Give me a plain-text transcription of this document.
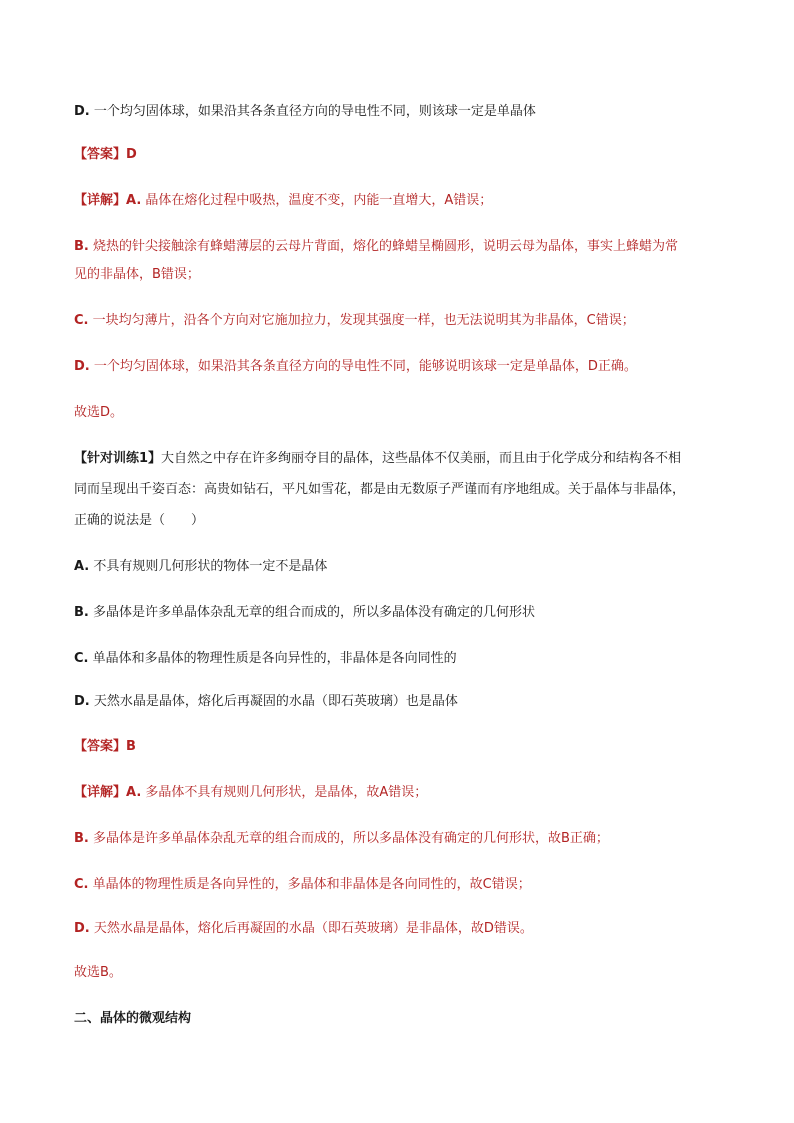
D. 一个均匀固体球，如果沿其各条直径方向的导电性不同，则该球一定是单晶体
【答案】D
【详解】A. 晶体在熔化过程中吸热，温度不变，内能一直增大，A错误；
B. 烧热的针尖接触涂有蜂蜡薄层的云母片背面，熔化的蜂蜡呈椭圆形，说明云母为晶体，事实上蜂蜡为常
见的非晶体，B错误；
C. 一块均匀薄片，沿各个方向对它施加拉力，发现其强度一样，也无法说明其为非晶体，C错误；
D. 一个均匀固体球，如果沿其各条直径方向的导电性不同，能够说明该球一定是单晶体，D正确。
故选D。
【针对训练1】大自然之中存在许多绚丽夺目的晶体，这些晶体不仅美丽，而且由于化学成分和结构各不相
同而呈现出千姿百态：高贵如钻石，平凡如雪花，都是由无数原子严谨而有序地组成。关于晶体与非晶体，
正确的说法是（　　）
A. 不具有规则几何形状的物体一定不是晶体
B. 多晶体是许多单晶体杂乱无章的组合而成的，所以多晶体没有确定的几何形状
C. 单晶体和多晶体的物理性质是各向异性的，非晶体是各向同性的
D. 天然水晶是晶体，熔化后再凝固的水晶（即石英玻璃）也是晶体
【答案】B
【详解】A. 多晶体不具有规则几何形状，是晶体，故A错误；
B. 多晶体是许多单晶体杂乱无章的组合而成的，所以多晶体没有确定的几何形状，故B正确；
C. 单晶体的物理性质是各向异性的，多晶体和非晶体是各向同性的，故C错误；
D. 天然水晶是晶体，熔化后再凝固的水晶（即石英玻璃）是非晶体，故D错误。
故选B。
二、晶体的微观结构
